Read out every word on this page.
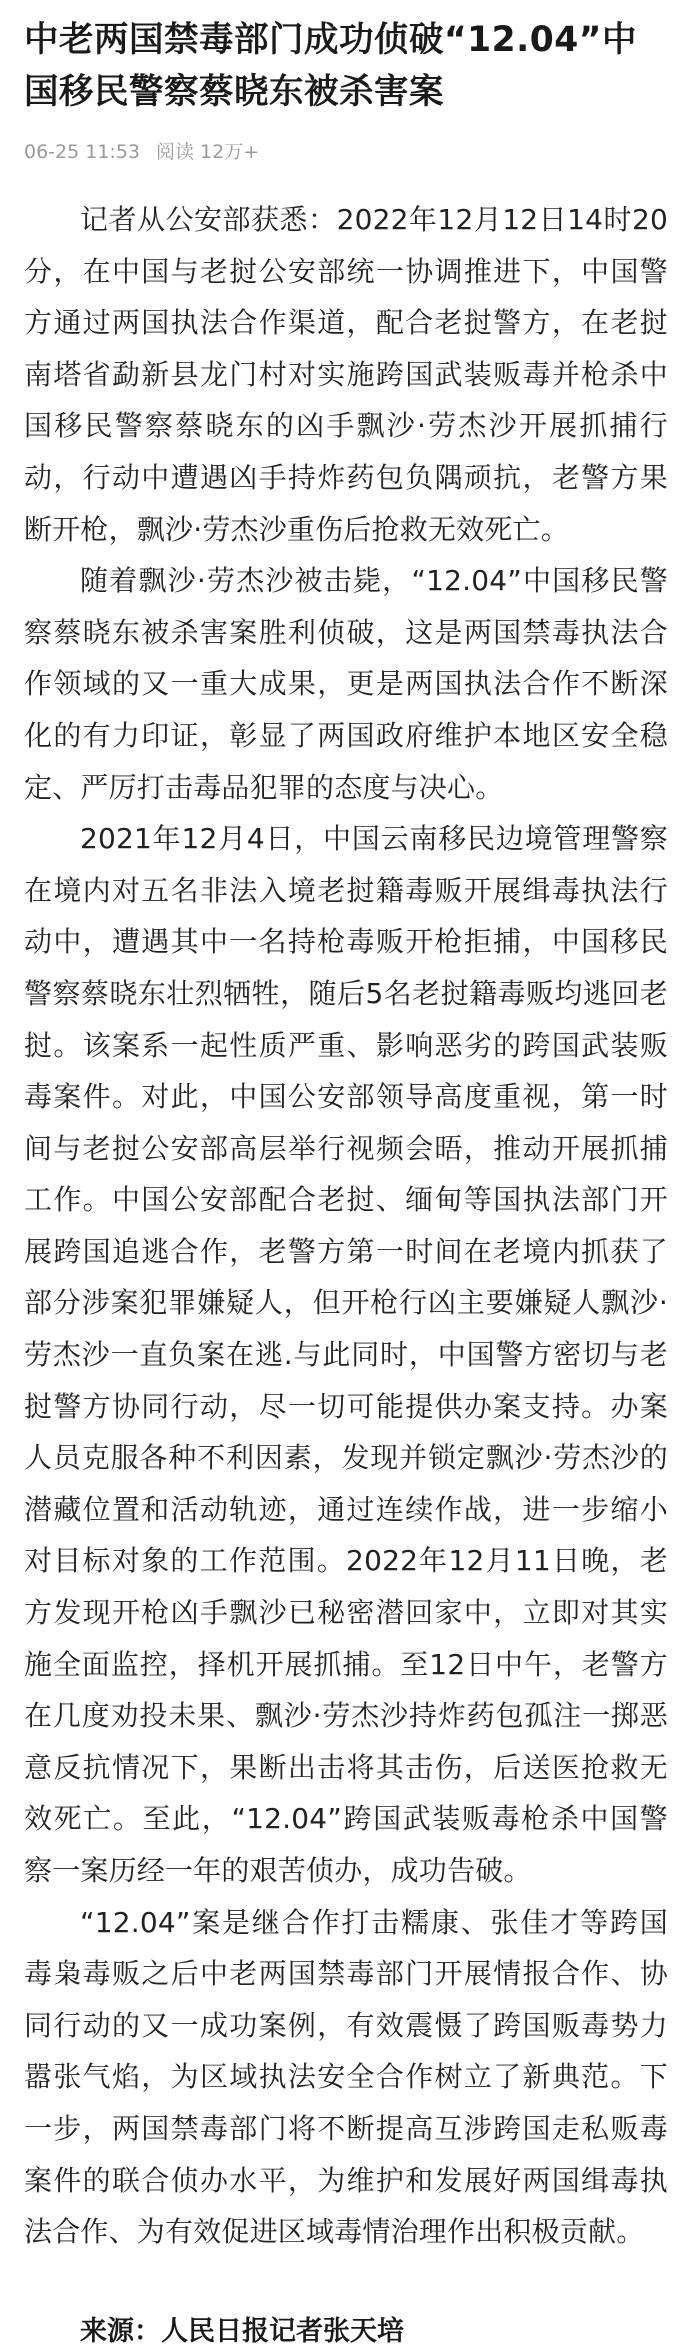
中老两国禁毒部门成功侦破“12.04”中国移民警察蔡晓东被杀害案
06-25 11:53 阅读 12万+

记者从公安部获悉：2022年12月12日14时20分，在中国与老挝公安部统一协调推进下，中国警方通过两国执法合作渠道，配合老挝警方，在老挝南塔省勐新县龙门村对实施跨国武装贩毒并枪杀中国移民警察蔡晓东的凶手飘沙·劳杰沙开展抓捕行动，行动中遭遇凶手持炸药包负隅顽抗，老警方果断开枪，飘沙·劳杰沙重伤后抢救无效死亡。

随着飘沙·劳杰沙被击毙，“12.04”中国移民警察蔡晓东被杀害案胜利侦破，这是两国禁毒执法合作领域的又一重大成果，更是两国执法合作不断深化的有力印证，彰显了两国政府维护本地区安全稳定、严厉打击毒品犯罪的态度与决心。

2021年12月4日，中国云南移民边境管理警察在境内对五名非法入境老挝籍毒贩开展缉毒执法行动中，遭遇其中一名持枪毒贩开枪拒捕，中国移民警察蔡晓东壮烈牺牲，随后5名老挝籍毒贩均逃回老挝。该案系一起性质严重、影响恶劣的跨国武装贩毒案件。对此，中国公安部领导高度重视，第一时间与老挝公安部高层举行视频会晤，推动开展抓捕工作。中国公安部配合老挝、缅甸等国执法部门开展跨国追逃合作，老警方第一时间在老境内抓获了部分涉案犯罪嫌疑人，但开枪行凶主要嫌疑人飘沙·劳杰沙一直负案在逃.与此同时，中国警方密切与老挝警方协同行动，尽一切可能提供办案支持。办案人员克服各种不利因素，发现并锁定飘沙·劳杰沙的潜藏位置和活动轨迹，通过连续作战，进一步缩小对目标对象的工作范围。2022年12月11日晚，老方发现开枪凶手飘沙已秘密潜回家中，立即对其实施全面监控，择机开展抓捕。至12日中午，老警方在几度劝投未果、飘沙·劳杰沙持炸药包孤注一掷恶意反抗情况下，果断出击将其击伤，后送医抢救无效死亡。至此，“12.04”跨国武装贩毒枪杀中国警察一案历经一年的艰苦侦办，成功告破。

“12.04”案是继合作打击糯康、张佳才等跨国毒枭毒贩之后中老两国禁毒部门开展情报合作、协同行动的又一成功案例，有效震慑了跨国贩毒势力嚣张气焰，为区域执法安全合作树立了新典范。下一步，两国禁毒部门将不断提高互涉跨国走私贩毒案件的联合侦办水平，为维护和发展好两国缉毒执法合作、为有效促进区域毒情治理作出积极贡献。

来源：人民日报记者张天培
